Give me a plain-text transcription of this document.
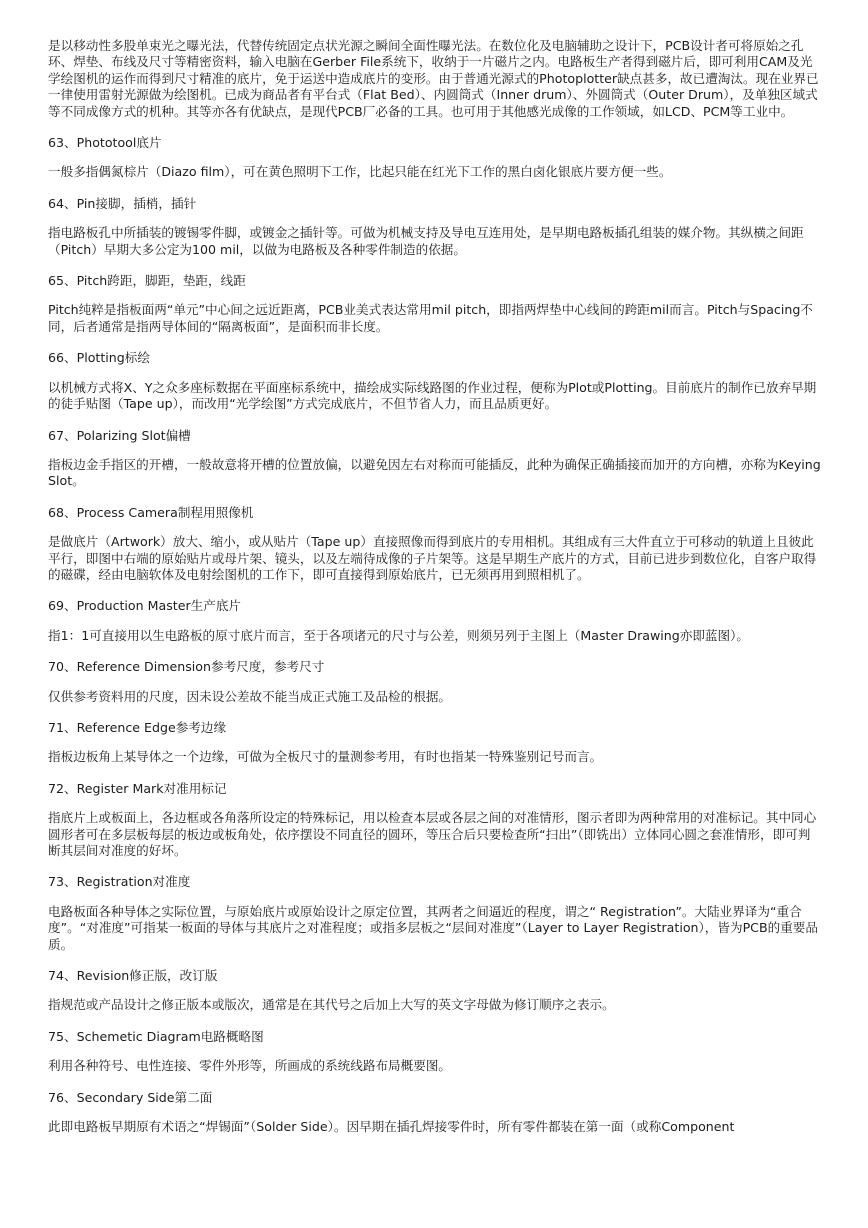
是以移动性多股单束光之曝光法，代替传统固定点状光源之瞬间全面性曝光法。在数位化及电脑辅助之设计下，PCB设计者可将原始之孔环、焊垫、布线及尺寸等精密资料，输入电脑在Gerber File系统下，收纳于一片磁片之内。电路板生产者得到磁片后，即可利用CAM及光学绘图机的运作而得到尺寸精准的底片，免于运送中造成底片的变形。由于普通光源式的Photoplotter缺点甚多，故已遭淘汰。现在业界已一律使用雷射光源做为绘图机。已成为商品者有平台式（Flat Bed）、内圆筒式（Inner drum）、外圆筒式（Outer Drum），及单独区域式等不同成像方式的机种。其等亦各有优缺点，是现代PCB厂必备的工具。也可用于其他感光成像的工作领域，如LCD、PCM等工业中。

63、Phototool底片

一般多指偶氮棕片（Diazo film），可在黄色照明下工作，比起只能在红光下工作的黑白卤化银底片要方便一些。

64、Pin接脚，插梢，插针

指电路板孔中所插装的镀锡零件脚，或镀金之插针等。可做为机械支持及导电互连用处，是早期电路板插孔组装的媒介物。其纵横之间距（Pitch）早期大多公定为100 mil，以做为电路板及各种零件制造的依据。

65、Pitch跨距，脚距，垫距，线距

Pitch纯粹是指板面两“单元”中心间之远近距离，PCB业美式表达常用mil pitch，即指两焊垫中心线间的跨距mil而言。Pitch与Spacing不同，后者通常是指两导体间的“隔离板面”，是面积而非长度。

66、Plotting标绘

以机械方式将X、Y之众多座标数据在平面座标系统中，描绘成实际线路图的作业过程，便称为Plot或Plotting。目前底片的制作已放弃早期的徒手贴图（Tape up），而改用“光学绘图”方式完成底片，不但节省人力，而且品质更好。

67、Polarizing Slot偏槽

指板边金手指区的开槽，一般故意将开槽的位置放偏，以避免因左右对称而可能插反，此种为确保正确插接而加开的方向槽，亦称为Keying Slot。

68、Process Camera制程用照像机

是做底片（Artwork）放大、缩小，或从贴片（Tape up）直接照像而得到底片的专用相机。其组成有三大件直立于可移动的轨道上且彼此平行，即图中右端的原始贴片或母片架、镜头，以及左端待成像的子片架等。这是早期生产底片的方式，目前已进步到数位化，自客户取得的磁碟，经由电脑软体及电射绘图机的工作下，即可直接得到原始底片，已无须再用到照相机了。

69、Production Master生产底片

指1：1可直接用以生电路板的原寸底片而言，至于各项诸元的尺寸与公差，则须另列于主图上（Master Drawing亦即蓝图）。

70、Reference Dimension参考尺度，参考尺寸

仅供参考资料用的尺度，因未设公差故不能当成正式施工及品检的根据。

71、Reference Edge参考边缘

指板边板角上某导体之一个边缘，可做为全板尺寸的量测参考用，有时也指某一特殊鉴别记号而言。

72、Register Mark对准用标记

指底片上或板面上，各边框或各角落所设定的特殊标记，用以检查本层或各层之间的对准情形，图示者即为两种常用的对准标记。其中同心圆形者可在多层板每层的板边或板角处，依序摆设不同直径的圆环，等压合后只要检查所“扫出”（即铣出）立体同心圆之套准情形，即可判断其层间对准度的好坏。

73、Registration对准度

电路板面各种导体之实际位置，与原始底片或原始设计之原定位置，其两者之间逼近的程度，谓之“ Registration”。大陆业界译为“重合度”。“对准度”可指某一板面的导体与其底片之对准程度；或指多层板之“层间对准度”（Layer to Layer Registration），皆为PCB的重要品质。

74、Revision修正版，改订版

指规范或产品设计之修正版本或版次，通常是在其代号之后加上大写的英文字母做为修订顺序之表示。

75、Schemetic Diagram电路概略图

利用各种符号、电性连接、零件外形等，所画成的系统线路布局概要图。

76、Secondary Side第二面

此即电路板早期原有术语之“焊锡面”（Solder Side）。因早期在插孔焊接零件时，所有零件都装在第一面（或称Component
